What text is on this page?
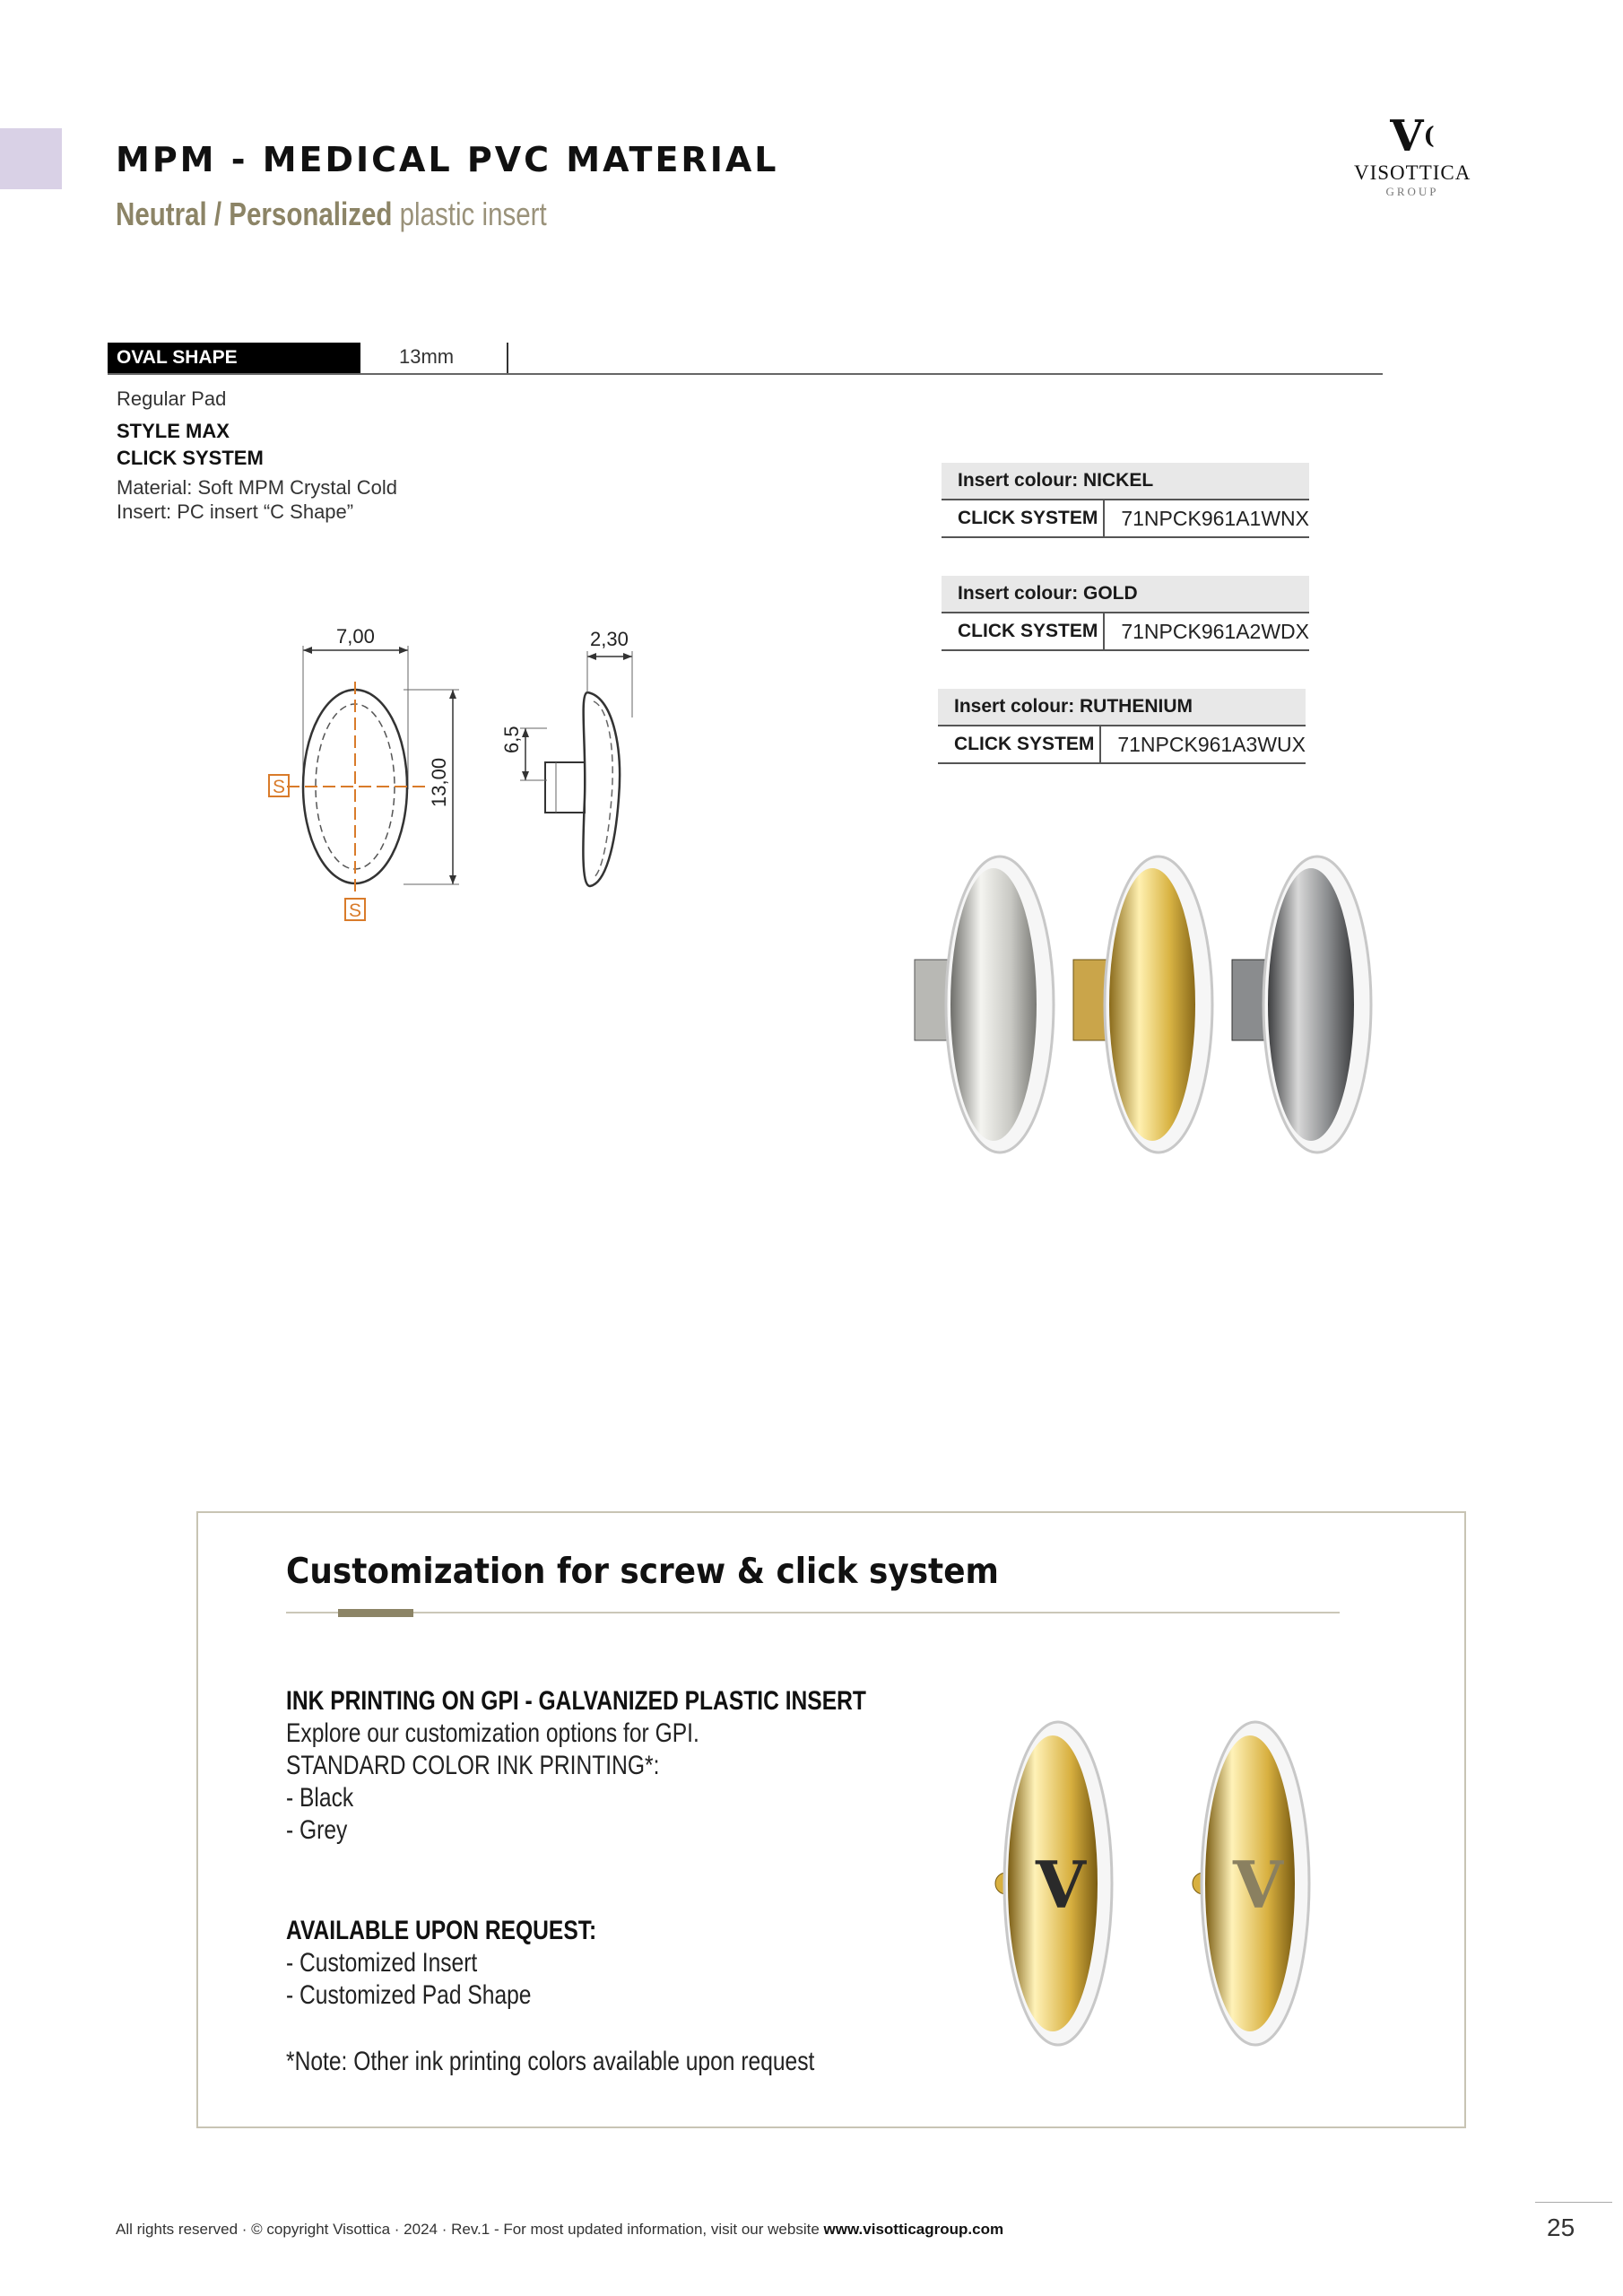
MPM - MEDICAL PVC MATERIAL
Neutral / Personalized plastic insert
V(
VISOTTICA
GROUP
OVAL SHAPE	13mm
Regular Pad
STYLE MAX
CLICK SYSTEM
Material: Soft MPM Crystal Cold
Insert: PC insert “C Shape”
Insert colour: NICKEL
CLICK SYSTEM	71NPCK961A1WNX
Insert colour: GOLD
CLICK SYSTEM	71NPCK961A2WDX
Insert colour: RUTHENIUM
CLICK SYSTEM	71NPCK961A3WUX
7,00
S
S
13,00
6,5
2,30
Customization for screw & click system
INK PRINTING ON GPI - GALVANIZED PLASTIC INSERT
Explore our customization options for GPI.
STANDARD COLOR INK PRINTING*:
- Black
- Grey
AVAILABLE UPON REQUEST:
- Customized Insert
- Customized Pad Shape
*Note: Other ink printing colors available upon request
V V
All rights reserved · © copyright Visottica · 2024 · Rev.1 - For most updated information, visit our website www.visotticagroup.com	25
